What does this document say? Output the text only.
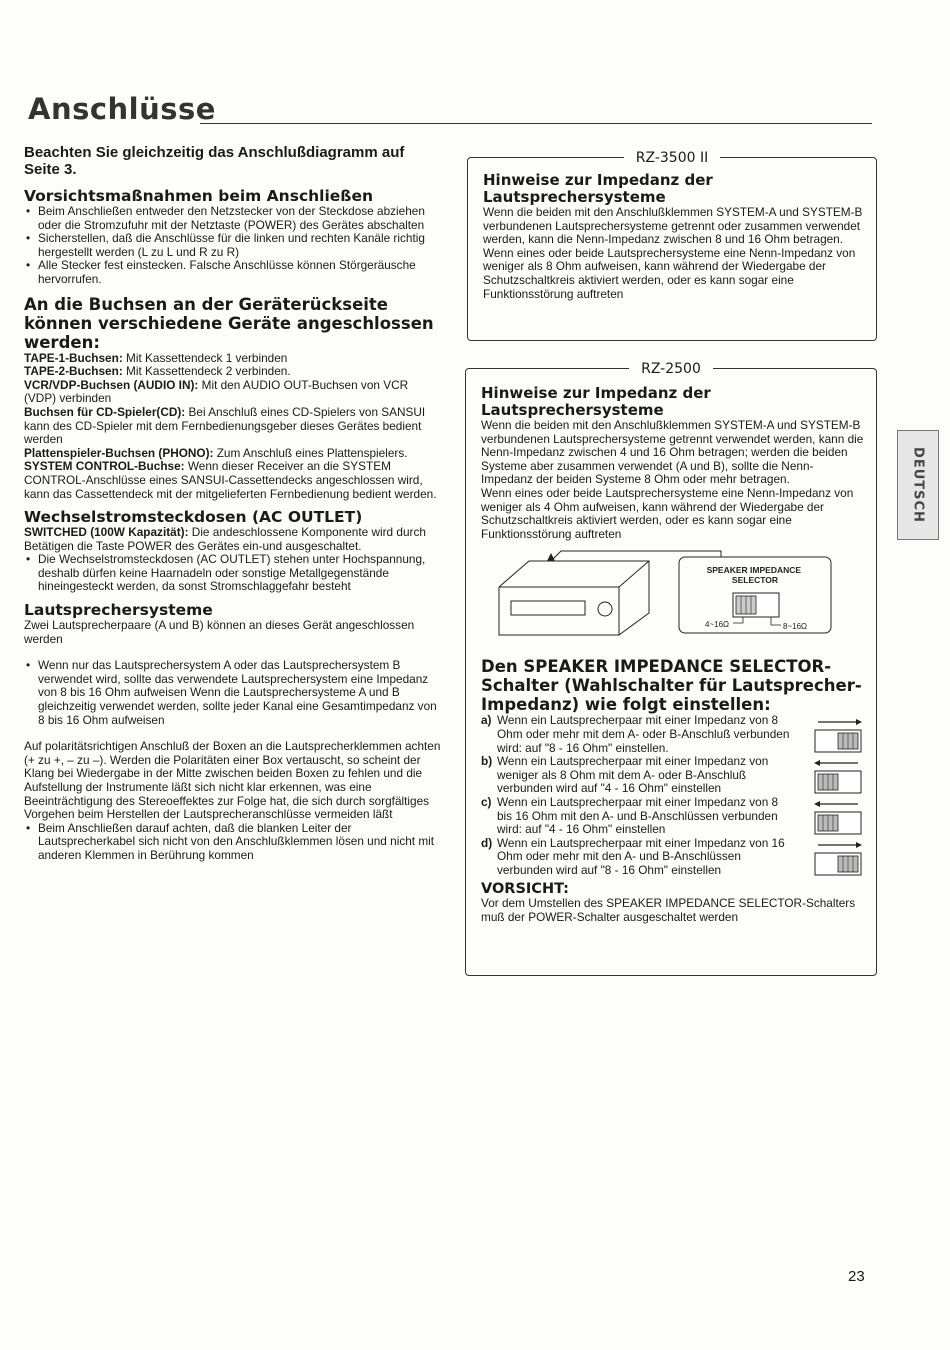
Anschlüsse

Beachten Sie gleichzeitig das Anschlußdiagramm auf Seite 3.

Vorsichtsmaßnahmen beim Anschließen
• Beim Anschließen entweder den Netzstecker von der Steckdose abziehen oder die Stromzufuhr mit der Netztaste (POWER) des Gerätes abschalten
• Sicherstellen, daß die Anschlüsse für die linken und rechten Kanäle richtig hergestellt werden (L zu L und R zu R)
• Alle Stecker fest einstecken. Falsche Anschlüsse können Störgeräusche hervorrufen.
An die Buchsen an der Geräterückseite können verschiedene Geräte angeschlossen werden:

TAPE-1-Buchsen: Mit Kassettendeck 1 verbinden

TAPE-2-Buchsen: Mit Kassettendeck 2 verbinden.

VCR/VDP-Buchsen (AUDIO IN): Mit den AUDIO OUT-Buchsen von VCR (VDP) verbinden

Buchsen für CD-Spieler(CD): Bei Anschluß eines CD-Spielers von SANSUI kann des CD-Spieler mit dem Fernbedienungsgeber dieses Gerätes bedient werden

Plattenspieler-Buchsen (PHONO): Zum Anschluß eines Plattenspielers.

SYSTEM CONTROL-Buchse: Wenn dieser Receiver an die SYSTEM CONTROL-Anschlüsse eines SANSUI-Cassettendecks angeschlossen wird, kann das Cassettendeck mit der mitgelieferten Fernbedienung bedient werden.

Wechselstromsteckdosen (AC OUTLET)

SWITCHED (100W Kapazität): Die andeschlossene Komponente wird durch Betätigen die Taste POWER des Gerätes ein-und ausgeschaltet.

• Die Wechselstromsteckdosen (AC OUTLET) stehen unter Hochspannung, deshalb dürfen keine Haarnadeln oder sonstige Metallgegenstände hineingesteckt werden, da sonst Stromschlaggefahr besteht
Lautsprechersysteme

Zwei Lautsprecherpaare (A und B) können an dieses Gerät angeschlossen werden

• Wenn nur das Lautsprechersystem A oder das Lautsprechersystem B verwendet wird, sollte das verwendete Lautsprechersystem eine Impedanz von 8 bis 16 Ohm aufweisen Wenn die Lautsprechersysteme A und B gleichzeitig verwendet werden, sollte jeder Kanal eine Gesamtimpedanz von 8 bis 16 Ohm aufweisen

Auf polaritätsrichtigen Anschluß der Boxen an die Lautsprecherklemmen achten (+ zu +, – zu –). Werden die Polaritäten einer Box vertauscht, so scheint der Klang bei Wiedergabe in der Mitte zwischen beiden Boxen zu fehlen und die Aufstellung der Instrumente läßt sich nicht klar erkennen, was eine Beeinträchtigung des Stereoeffektes zur Folge hat, die sich durch sorgfältiges Vorgehen beim Herstellen der Lautsprecheranschlüsse vermeiden läßt

• Beim Anschließen darauf achten, daß die blanken Leiter der Lautsprecherkabel sich nicht von den Anschlußklemmen lösen und nicht mit anderen Klemmen in Berührung kommen
RZ-3500 II
Hinweise zur Impedanz der Lautsprechersysteme

Wenn die beiden mit den Anschlußklemmen SYSTEM-A und SYSTEM-B verbundenen Lautsprechersysteme getrennt oder zusammen verwendet werden, kann die Nenn-Impedanz zwischen 8 und 16 Ohm betragen.

Wenn eines oder beide Lautsprechersysteme eine Nenn-Impedanz von weniger als 8 Ohm aufweisen, kann während der Wiedergabe der Schutzschaltkreis aktiviert werden, oder es kann sogar eine Funktionsstörung auftreten

RZ-2500
Hinweise zur Impedanz der Lautsprechersysteme

Wenn die beiden mit den Anschlußklemmen SYSTEM-A und SYSTEM-B verbundenen Lautsprechersysteme getrennt verwendet werden, kann die Nenn-Impedanz zwischen 4 und 16 Ohm betragen; werden die beiden Systeme aber zusammen verwendet (A und B), sollte die Nenn-Impedanz der beiden Systeme 8 Ohm oder mehr betragen.

Wenn eines oder beide Lautsprechersysteme eine Nenn-Impedanz von weniger als 4 Ohm aufweisen, kann während der Wiedergabe der Schutzschaltkreis aktiviert werden, oder es kann sogar eine Funktionsstörung auftreten

SPEAKER IMPEDANCE SELECTOR
4~16Ω	8~16Ω
Den SPEAKER IMPEDANCE SELECTOR-Schalter (Wahlschalter für Lautsprecher-Impedanz) wie folgt einstellen:
a) Wenn ein Lautsprecherpaar mit einer Impedanz von 8 Ohm oder mehr mit dem A- oder B-Anschluß verbunden wird: auf "8 - 16 Ohm" einstellen.
b) Wenn ein Lautsprecherpaar mit einer Impedanz von weniger als 8 Ohm mit dem A- oder B-Anschluß verbunden wird auf "4 - 16 Ohm" einstellen
c) Wenn ein Lautsprecherpaar mit einer Impedanz von 8 bis 16 Ohm mit den A- und B-Anschlüssen verbunden wird: auf "4 - 16 Ohm" einstellen
d) Wenn ein Lautsprecherpaar mit einer Impedanz von 16 Ohm oder mehr mit den A- und B-Anschlüssen verbunden wird auf "8 - 16 Ohm" einstellen
VORSICHT:

Vor dem Umstellen des SPEAKER IMPEDANCE SELECTOR-Schalters muß der POWER-Schalter ausgeschaltet werden

DEUTSCH
23
